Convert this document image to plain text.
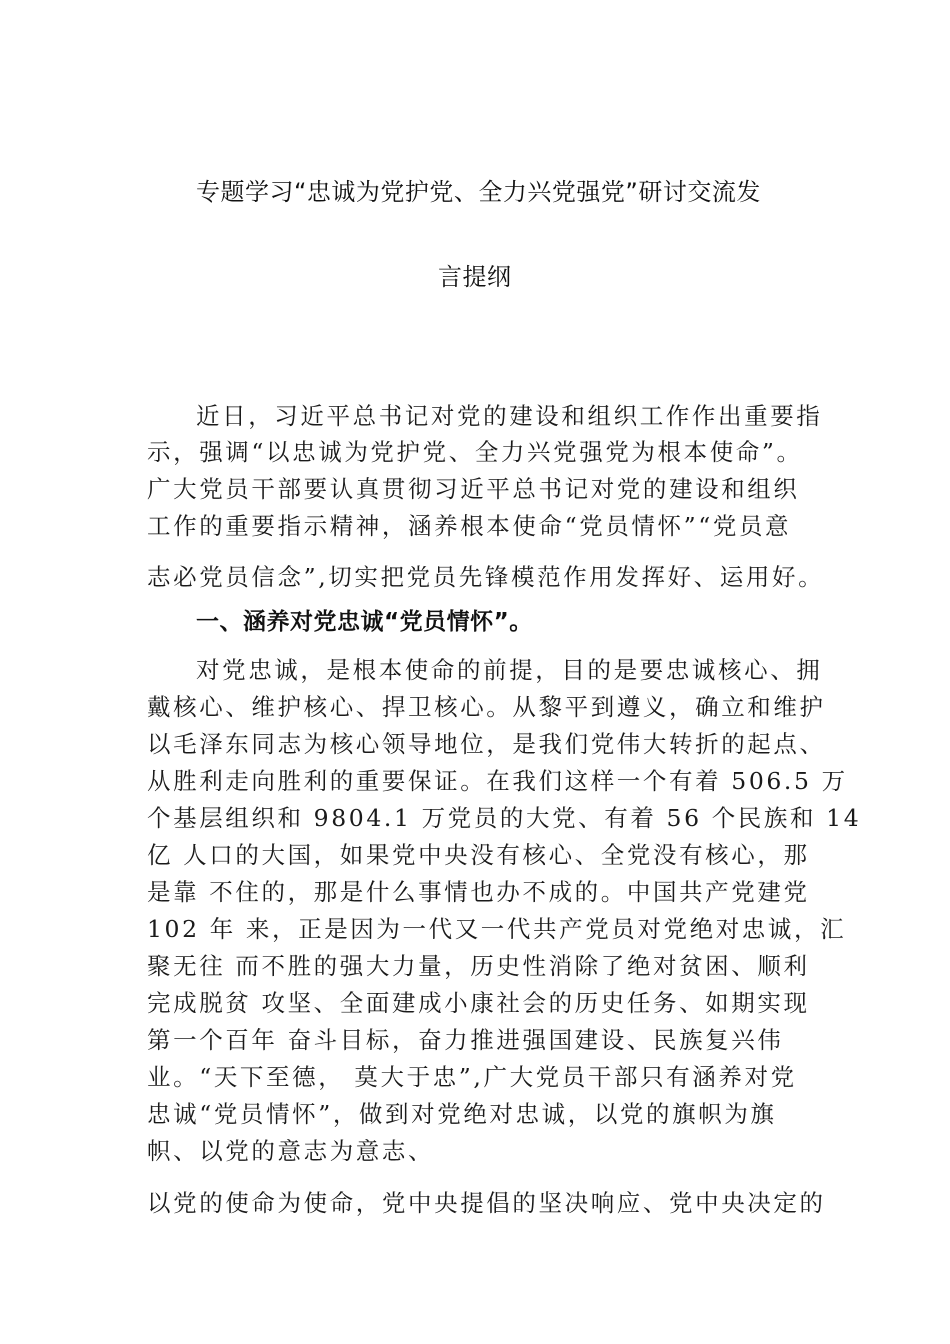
专题学习“忠诚为党护党、全力兴党强党”研讨交流发
言提纲
近日，习近平总书记对党的建设和组织工作作出重要指
示，强调“以忠诚为党护党、全力兴党强党为根本使命”。
广大党员干部要认真贯彻习近平总书记对党的建设和组织
工作的重要指示精神，涵养根本使命“党员情怀”“党员意
志必党员信念”,切实把党员先锋模范作用发挥好、运用好。
一、涵养对党忠诚“党员情怀”。
对党忠诚，是根本使命的前提，目的是要忠诚核心、拥
戴核心、维护核心、捍卫核心。从黎平到遵义，确立和维护
以毛泽东同志为核心领导地位，是我们党伟大转折的起点、
从胜利走向胜利的重要保证。在我们这样一个有着 506.5 万
个基层组织和 9804.1 万党员的大党、有着 56 个民族和 14
亿 人口的大国，如果党中央没有核心、全党没有核心，那
是靠 不住的，那是什么事情也办不成的。中国共产党建党
102 年 来，正是因为一代又一代共产党员对党绝对忠诚，汇
聚无往 而不胜的强大力量，历史性消除了绝对贫困、顺利
完成脱贫 攻坚、全面建成小康社会的历史任务、如期实现
第一个百年 奋斗目标，奋力推进强国建设、民族复兴伟
业。“天下至德， 莫大于忠”,广大党员干部只有涵养对党
忠诚“党员情怀”，做到对党绝对忠诚，以党的旗帜为旗
帜、以党的意志为意志、
以党的使命为使命，党中央提倡的坚决响应、党中央决定的
